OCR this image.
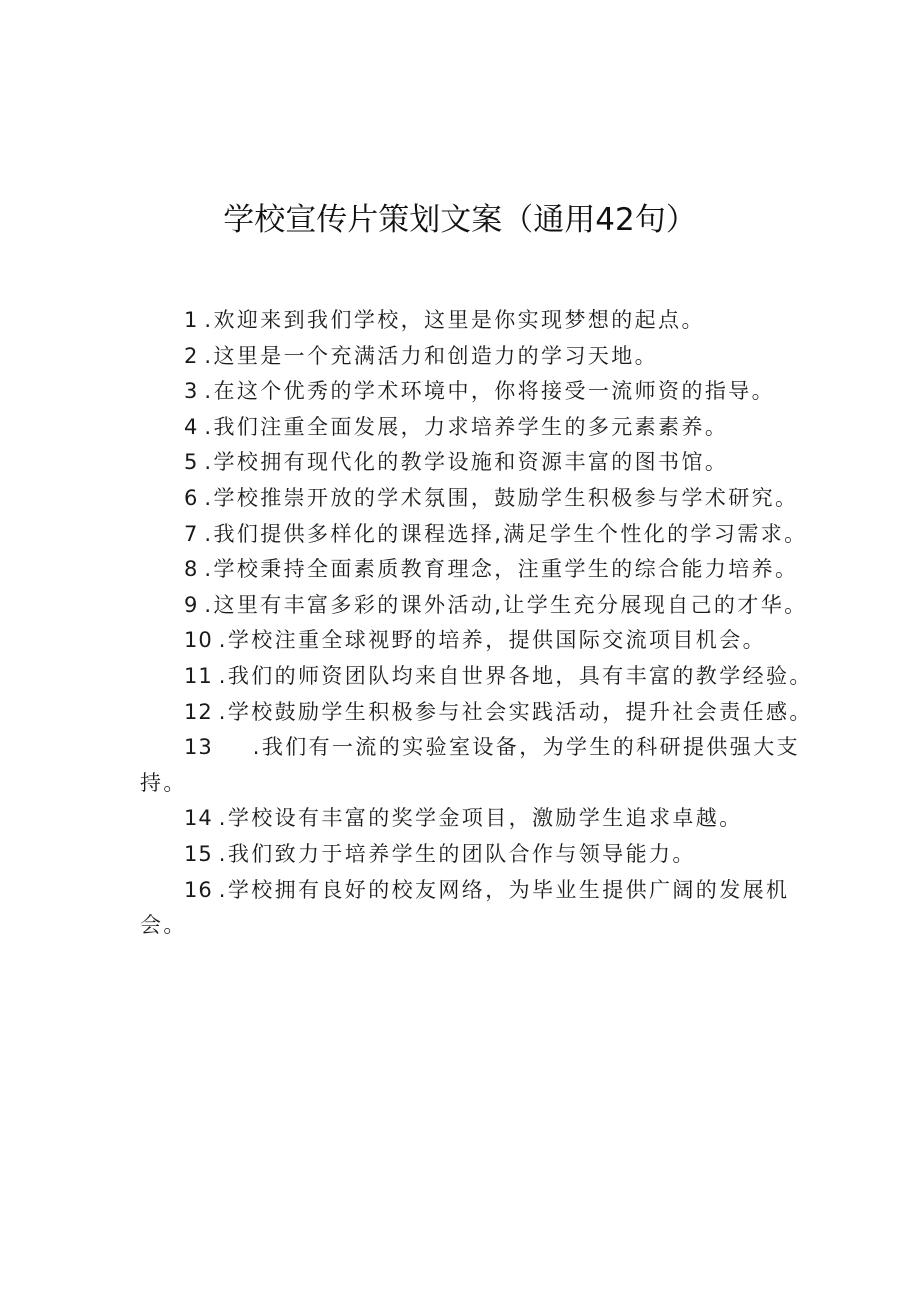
学校宣传片策划文案（通用42句）

1 .欢迎来到我们学校，这里是你实现梦想的起点。

2 .这里是一个充满活力和创造力的学习天地。

3 .在这个优秀的学术环境中，你将接受一流师资的指导。

4 .我们注重全面发展，力求培养学生的多元素素养。

5 .学校拥有现代化的教学设施和资源丰富的图书馆。

6 .学校推崇开放的学术氛围，鼓励学生积极参与学术研究。

7 .我们提供多样化的课程选择,满足学生个性化的学习需求。

8 .学校秉持全面素质教育理念，注重学生的综合能力培养。

9 .这里有丰富多彩的课外活动,让学生充分展现自己的才华。

10 .学校注重全球视野的培养，提供国际交流项目机会。

11 .我们的师资团队均来自世界各地，具有丰富的教学经验。

12 .学校鼓励学生积极参与社会实践活动，提升社会责任感。

13 .我们有一流的实验室设备，为学生的科研提供强大支持。

14 .学校设有丰富的奖学金项目，激励学生追求卓越。

15 .我们致力于培养学生的团队合作与领导能力。

16 .学校拥有良好的校友网络，为毕业生提供广阔的发展机会。
